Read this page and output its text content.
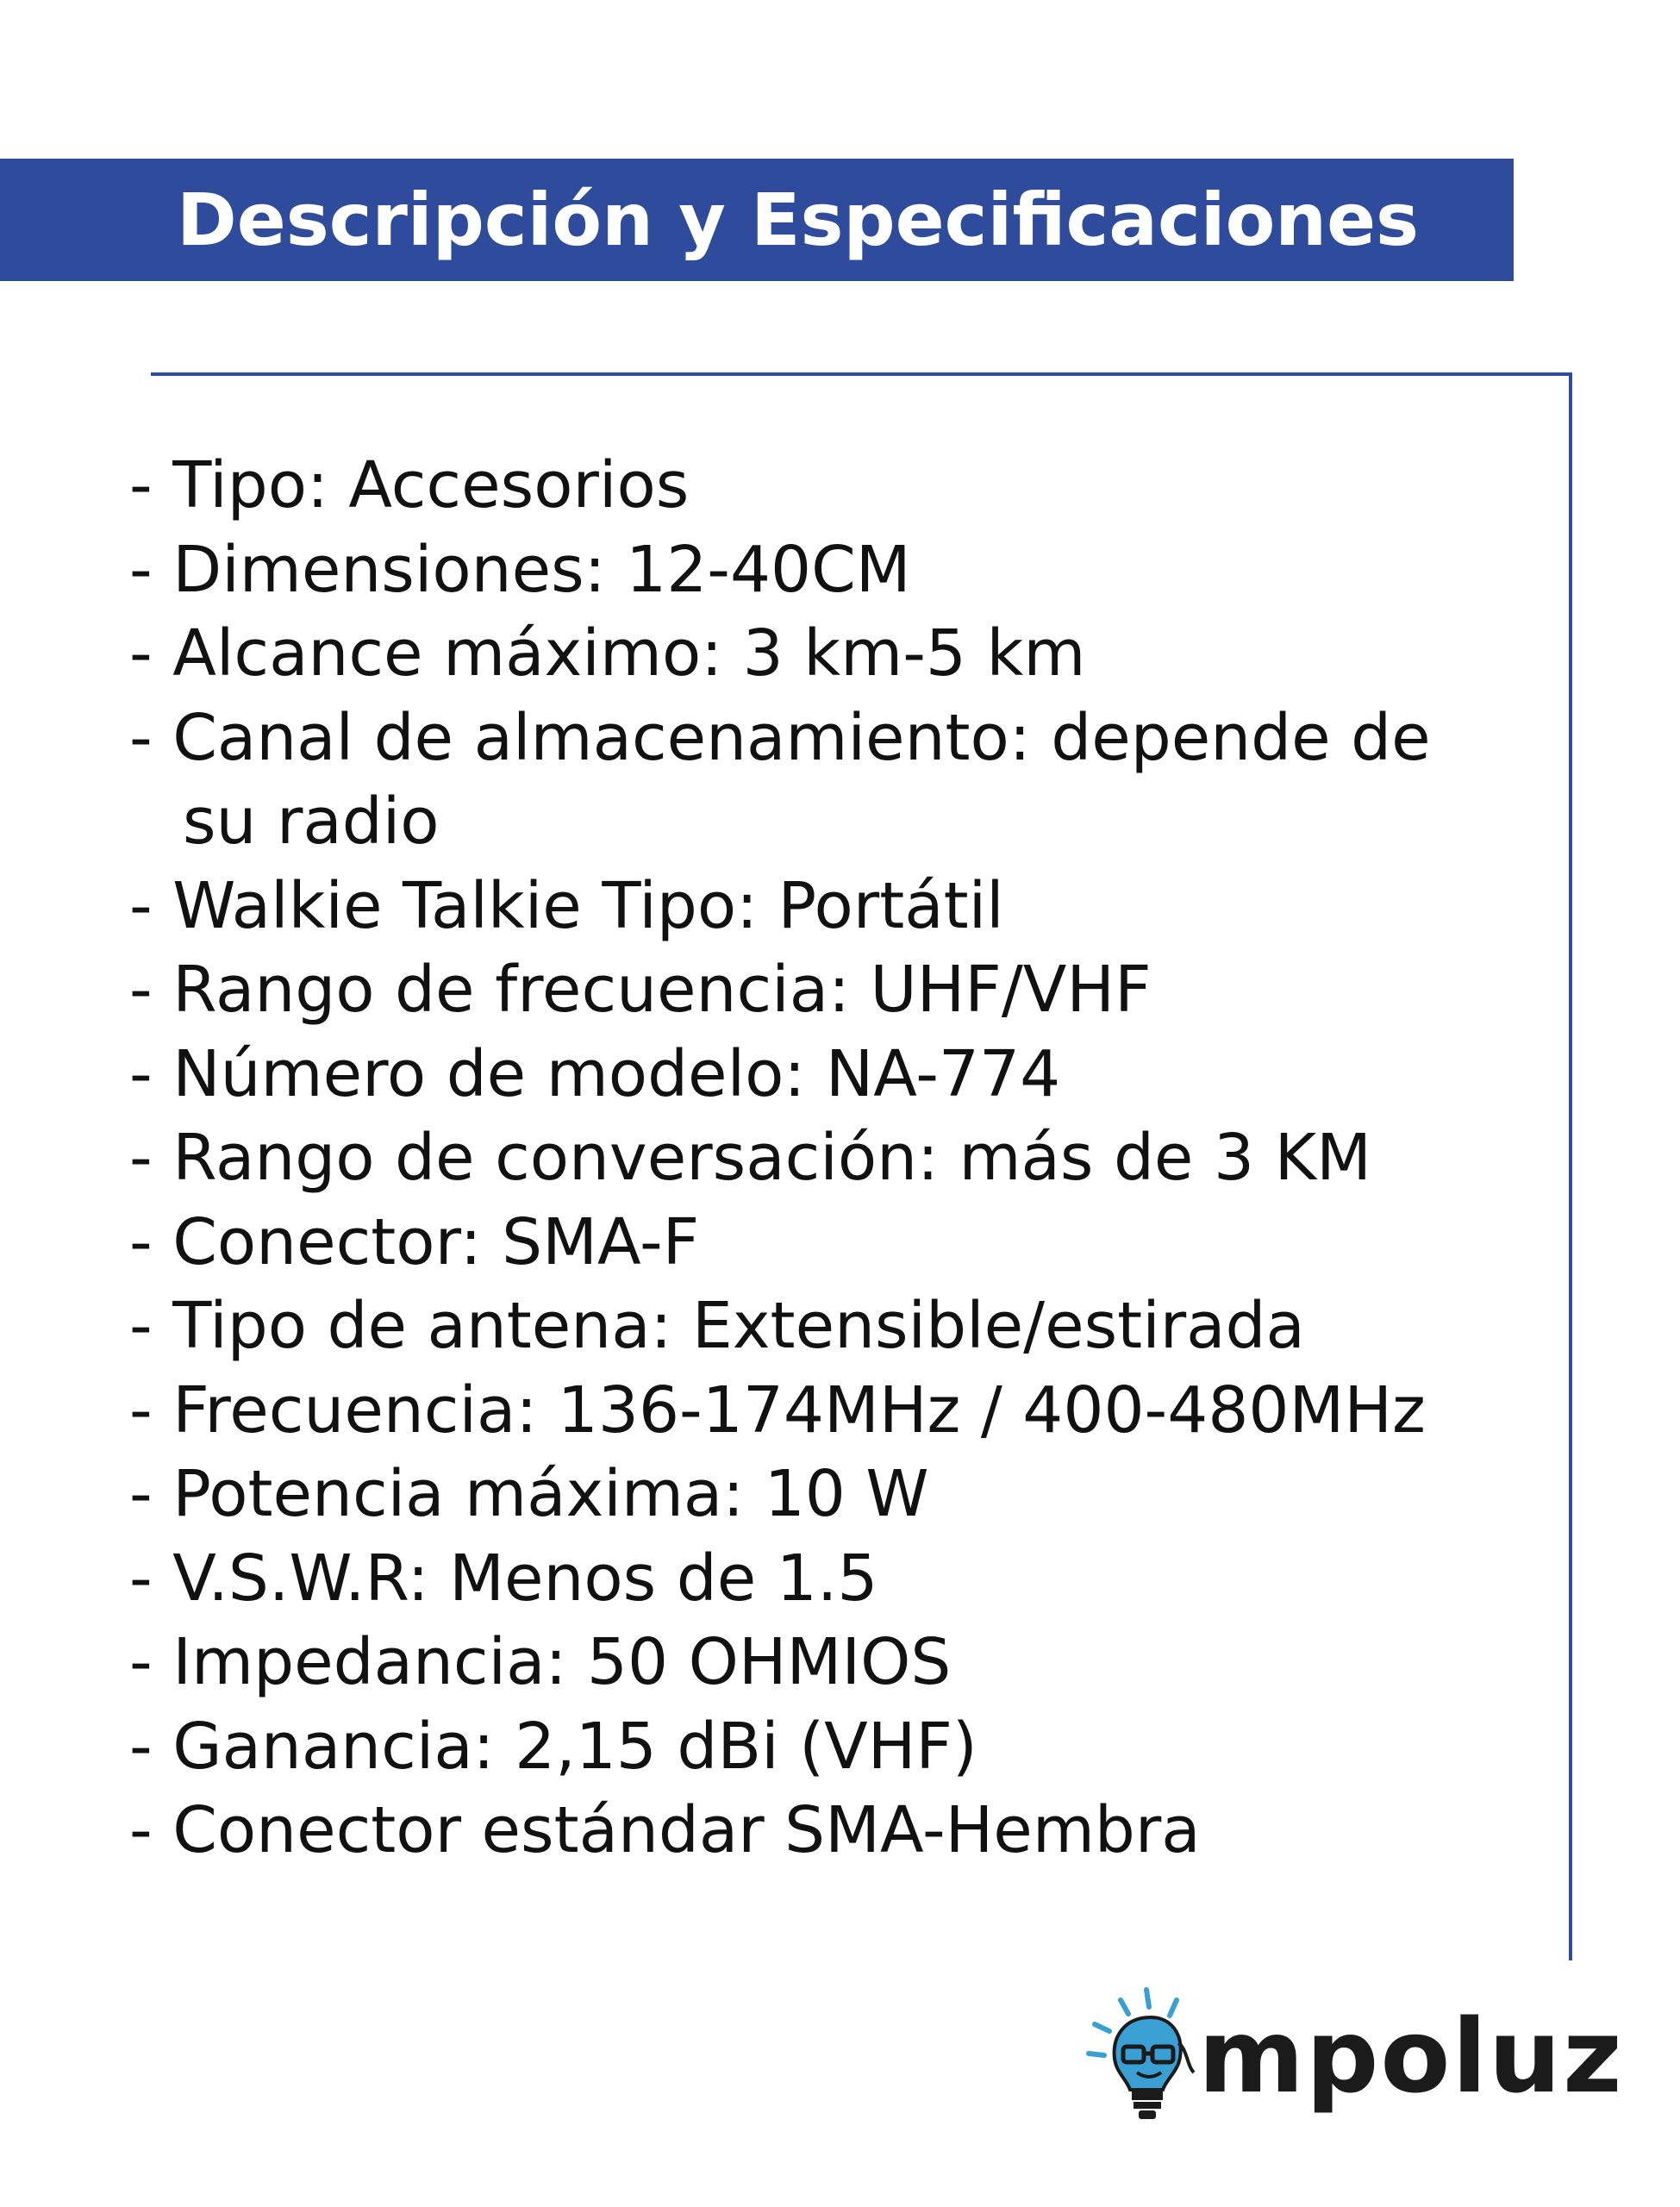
Descripción y Especificaciones
- Tipo: Accesorios
- Dimensiones: 12-40CM
- Alcance máximo: 3 km-5 km
- Canal de almacenamiento: depende de
su radio
- Walkie Talkie Tipo: Portátil
- Rango de frecuencia: UHF/VHF
- Número de modelo: NA-774
- Rango de conversación: más de 3 KM
- Conector: SMA-F
- Tipo de antena: Extensible/estirada
- Frecuencia: 136-174MHz / 400-480MHz
- Potencia máxima: 10 W
- V.S.W.R: Menos de 1.5
- Impedancia: 50 OHMIOS
- Ganancia: 2,15 dBi (VHF)
- Conector estándar SMA-Hembra
mpoluz
